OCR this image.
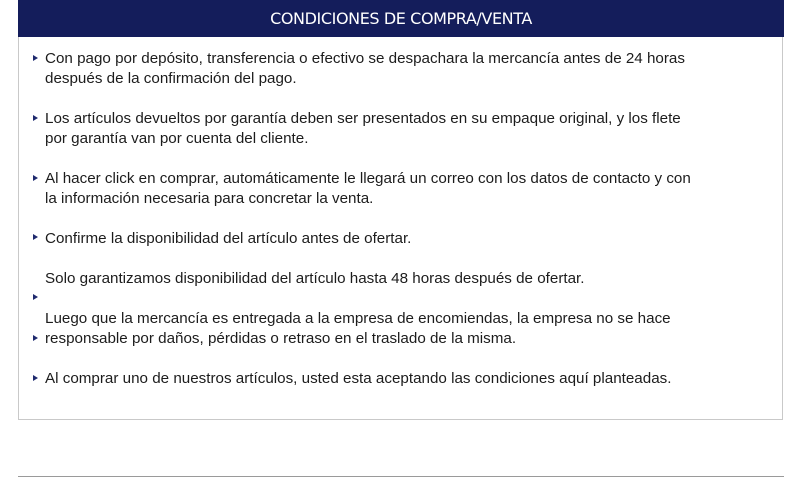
CONDICIONES DE COMPRA/VENTA
Con pago por depósito, transferencia o efectivo se despachara la mercancía antes de 24 horas
después de la confirmación del pago.
Los artículos devueltos por garantía deben ser presentados en su empaque original, y los flete
por garantía van por cuenta del cliente.
Al hacer click en comprar, automáticamente le llegará un correo con los datos de contacto y con
la información necesaria para concretar la venta.
Confirme la disponibilidad del artículo antes de ofertar.
Solo garantizamos disponibilidad del artículo hasta 48 horas después de ofertar.
Luego que la mercancía es entregada a la empresa de encomiendas, la empresa no se hace
responsable por daños, pérdidas o retraso en el traslado de la misma.
Al comprar uno de nuestros artículos, usted esta aceptando las condiciones aquí planteadas.
